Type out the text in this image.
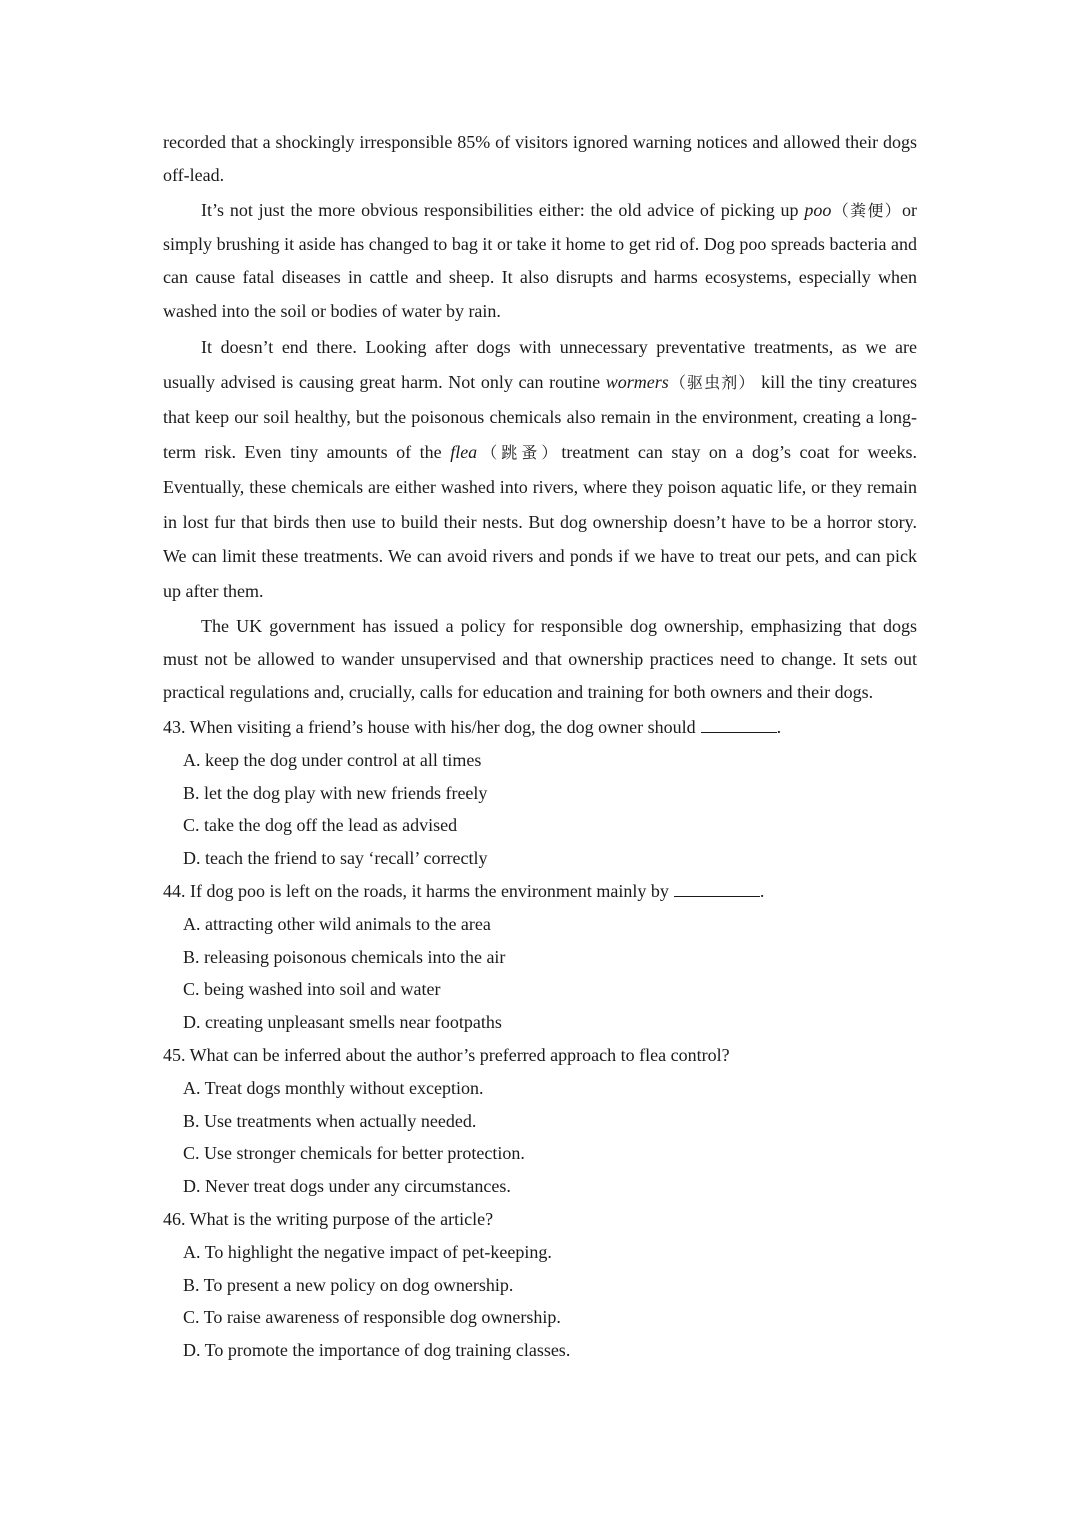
recorded that a shockingly irresponsible 85% of visitors ignored warning notices and allowed their dogs off-lead.

It’s not just the more obvious responsibilities either: the old advice of picking up poo（粪便）or simply brushing it aside has changed to bag it or take it home to get rid of. Dog poo spreads bacteria and can cause fatal diseases in cattle and sheep. It also disrupts and harms ecosystems, especially when washed into the soil or bodies of water by rain.

It doesn’t end there. Looking after dogs with unnecessary preventative treatments, as we are usually advised is causing great harm. Not only can routine wormers（驱虫剂） kill the tiny creatures that keep our soil healthy, but the poisonous chemicals also remain in the environment, creating a long-term risk. Even tiny amounts of the flea（跳蚤）treatment can stay on a dog’s coat for weeks. Eventually, these chemicals are either washed into rivers, where they poison aquatic life, or they remain in lost fur that birds then use to build their nests. But dog ownership doesn’t have to be a horror story. We can limit these treatments. We can avoid rivers and ponds if we have to treat our pets, and can pick up after them.

The UK government has issued a policy for responsible dog ownership, emphasizing that dogs must not be allowed to wander unsupervised and that ownership practices need to change. It sets out practical regulations and, crucially, calls for education and training for both owners and their dogs.

43. When visiting a friend’s house with his/her dog, the dog owner should	.

A. keep the dog under control at all times

B. let the dog play with new friends freely

C. take the dog off the lead as advised

D. teach the friend to say ‘recall’ correctly

44. If dog poo is left on the roads, it harms the environment mainly by	.

A. attracting other wild animals to the area

B. releasing poisonous chemicals into the air

C. being washed into soil and water

D. creating unpleasant smells near footpaths

45. What can be inferred about the author’s preferred approach to flea control?

A. Treat dogs monthly without exception.

B. Use treatments when actually needed.

C. Use stronger chemicals for better protection.

D. Never treat dogs under any circumstances.

46. What is the writing purpose of the article?

A. To highlight the negative impact of pet-keeping.

B. To present a new policy on dog ownership.

C. To raise awareness of responsible dog ownership.

D. To promote the importance of dog training classes.
